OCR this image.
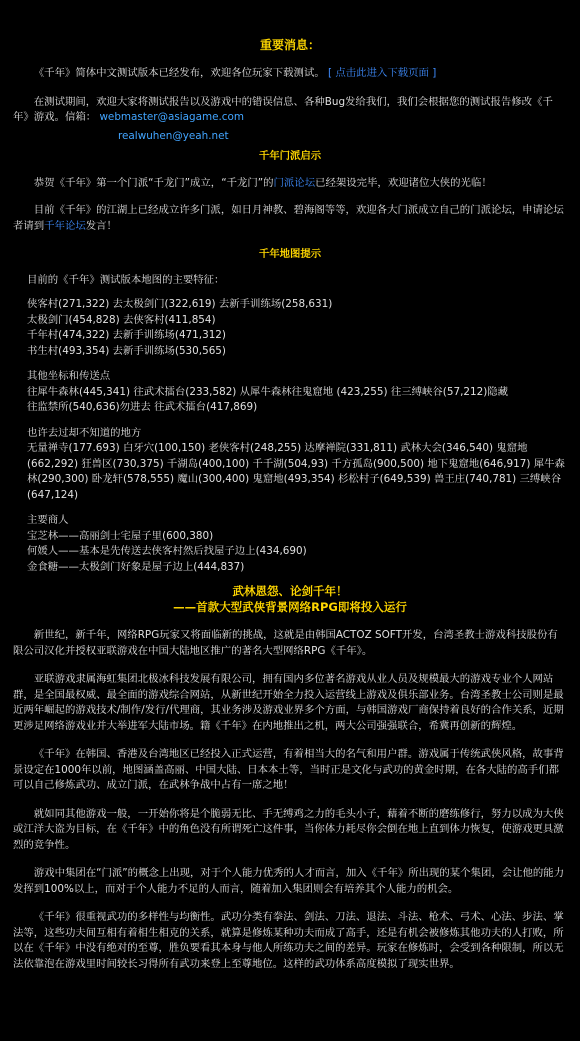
重要消息：

《千年》简体中文测试版本已经发布，欢迎各位玩家下载测试。 [ 点击此进入下载页面 ]

在测试期间，欢迎大家将测试报告以及游戏中的错误信息、各种Bug发给我们，我们会根据您的测试报告修改《千年》游戏。信箱： webmaster@asiagame.com

realwuhen@yeah.net
千年门派启示

恭贺《千年》第一个门派“千龙门”成立，“千龙门”的门派论坛已经架设完毕，欢迎诸位大侠的光临！

目前《千年》的江湖上已经成立许多门派，如日月神教、碧海阁等等，欢迎各大门派成立自己的门派论坛，申请论坛者请到千年论坛发言！

千年地图提示
目前的《千年》测试版本地图的主要特征：
侠客村(271,322) 去太极剑门(322,619) 去新手训练场(258,631)
太极剑门(454,828) 去侠客村(411,854)
千年村(474,322) 去新手训练场(471,312)
书生村(493,354) 去新手训练场(530,565)
其他坐标和传送点
往犀牛森林(445,341) 往武术擂台(233,582) 从犀牛森林往鬼窟地 (423,255) 往三缚峡谷(57,212)隐藏
往监禁所(540,636)勿进去 往武术擂台(417,869)
也许去过却不知道的地方
无量禅寺(177.693) 白牙穴(100,150) 老侠客村(248,255) 达摩禅院(331,811) 武林大会(346,540) 鬼窟地(662,292) 狂兽区(730,375) 千湖岛(400,100) 千千湖(504,93) 千方孤岛(900,500) 地下鬼窟地(646,917) 犀牛森林(290,300) 卧龙轩(578,555) 魔山(300,400) 鬼窟地(493,354) 杉松村子(649,539) 兽王庄(740,781) 三缚峡谷(647,124)
主要商人
宝芝林——高丽剑士宅屋子里(600,380)
何媛人——基本是先传送去侠客村然后找屋子边上(434,690)
金食糖——太极剑门好象是屋子边上(444,837)
武林恩怨、论剑千年！
——首款大型武侠背景网络RPG即将投入运行

新世纪，新千年，网络RPG玩家又将面临新的挑战，这就是由韩国ACTOZ SOFT开发，台湾圣教士游戏科技股份有限公司汉化并授权亚联游戏在中国大陆地区推广的著名大型网络RPG《千年》。

亚联游戏隶属海虹集团北极冰科技发展有限公司，拥有国内多位著名游戏从业人员及规模最大的游戏专业个人网站群，是全国最权威、最全面的游戏综合网站，从新世纪开始全力投入运营线上游戏及俱乐部业务。台湾圣教士公司则是最近两年崛起的游戏技术/制作/发行/代理商，其业务涉及游戏业界多个方面，与韩国游戏厂商保持着良好的合作关系，近期更涉足网络游戏业并大举进军大陆市场。籍《千年》在内地推出之机，两大公司强强联合，希冀再创新的辉煌。

《千年》在韩国、香港及台湾地区已经投入正式运营，有着相当大的名气和用户群。游戏属于传统武侠风格，故事背景设定在1000年以前，地图涵盖高丽、中国大陆、日本本土等，当时正是文化与武功的黄金时期，在各大陆的高手们都可以自己修炼武功、成立门派，在武林争战中占有一席之地！

就如同其他游戏一般，一开始你将是个脆弱无比、手无缚鸡之力的毛头小子，藉着不断的磨练修行，努力以成为大侠或江洋大盗为目标，在《千年》中的角色没有所谓死亡这件事，当你体力耗尽你会倒在地上直到体力恢复，使游戏更具激烈的竞争性。

游戏中集团在“门派”的概念上出现，对于个人能力优秀的人才而言，加入《千年》所出现的某个集团，会让他的能力发挥到100%以上，而对于个人能力不足的人而言，随着加入集团则会有培养其个人能力的机会。

《千年》很重视武功的多样性与均衡性。武功分类有拳法、剑法、刀法、退法、斗法、枪术、弓术、心法、步法、掌法等，这些功夫间互相有着相生相克的关系，就算是修炼某种功夫而成了高手，还是有机会被修炼其他功夫的人打败，所以在《千年》中没有绝对的至尊，胜负要看其本身与他人所练功夫之间的差异。玩家在修炼时，会受到各种限制，所以无法依靠泡在游戏里时间较长习得所有武功来登上至尊地位。这样的武功体系高度模拟了现实世界。
